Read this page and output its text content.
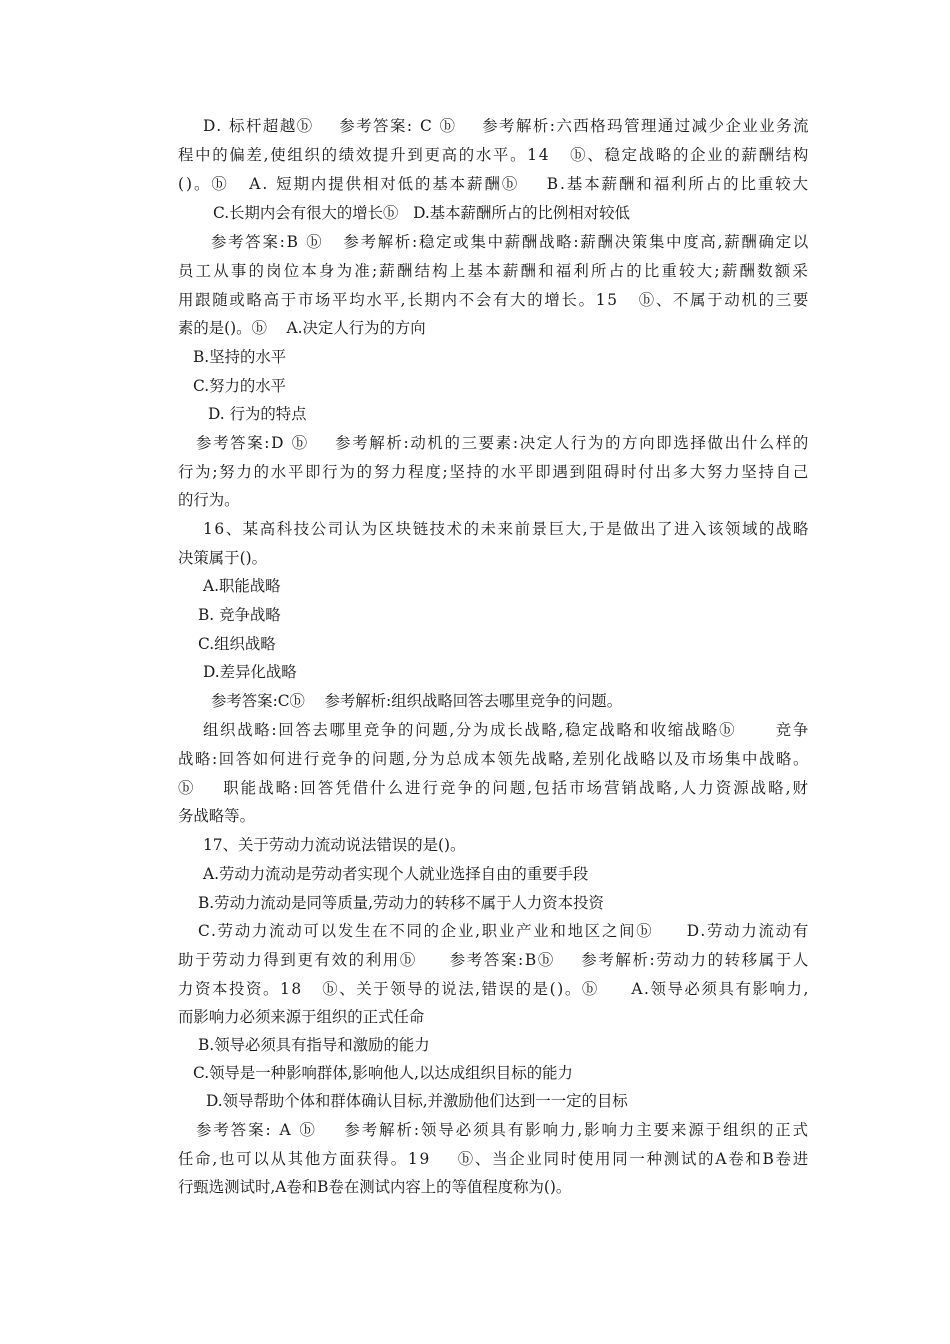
D. 标杆超越ⓑ    参考答案: C ⓑ    参考解析:六西格玛管理通过减少企业业务流
程中的偏差,使组织的绩效提升到更高的水平。14   ⓑ、稳定战略的企业的薪酬结构
()。ⓑ   A. 短期内提供相对低的基本薪酬ⓑ    B.基本薪酬和福利所占的比重较大
C.长期内会有很大的增长ⓑ   D.基本薪酬所占的比例相对较低
参考答案:B ⓑ   参考解析:稳定或集中薪酬战略:薪酬决策集中度高,薪酬确定以
员工从事的岗位本身为准;薪酬结构上基本薪酬和福利所占的比重较大;薪酬数额采
用跟随或略高于市场平均水平,长期内不会有大的增长。15   ⓑ、不属于动机的三要
素的是()。ⓑ    A.决定人行为的方向
B.坚持的水平
C.努力的水平
D. 行为的特点
参考答案:D ⓑ    参考解析:动机的三要素:决定人行为的方向即选择做出什么样的
行为;努力的水平即行为的努力程度;坚持的水平即遇到阻碍时付出多大努力坚持自己
的行为。
16、某高科技公司认为区块链技术的未来前景巨大,于是做出了进入该领域的战略
决策属于()。
A.职能战略
B. 竞争战略
C.组织战略
D.差异化战略
参考答案:Cⓑ    参考解析:组织战略回答去哪里竞争的问题。
组织战略:回答去哪里竞争的问题,分为成长战略,稳定战略和收缩战略ⓑ      竞争
战略:回答如何进行竞争的问题,分为总成本领先战略,差别化战略以及市场集中战略。
ⓑ    职能战略:回答凭借什么进行竞争的问题,包括市场营销战略,人力资源战略,财
务战略等。
17、关于劳动力流动说法错误的是()。
A.劳动力流动是劳动者实现个人就业选择自由的重要手段
B.劳动力流动是同等质量,劳动力的转移不属于人力资本投资
C.劳动力流动可以发生在不同的企业,职业产业和地区之间ⓑ     D.劳动力流动有
助于劳动力得到更有效的利用ⓑ     参考答案:Bⓑ    参考解析:劳动力的转移属于人
力资本投资。18   ⓑ、关于领导的说法,错误的是()。ⓑ     A.领导必须具有影响力,
而影响力必须来源于组织的正式任命
B.领导必须具有指导和激励的能力
C.领导是一种影响群体,影响他人,以达成组织目标的能力
D.领导帮助个体和群体确认目标,并激励他们达到一一定的目标
参考答案: A ⓑ    参考解析:领导必须具有影响力,影响力主要来源于组织的正式
任命,也可以从其他方面获得。19    ⓑ、当企业同时使用同一种测试的A卷和B卷进
行甄选测试时,A卷和B卷在测试内容上的等值程度称为()。
